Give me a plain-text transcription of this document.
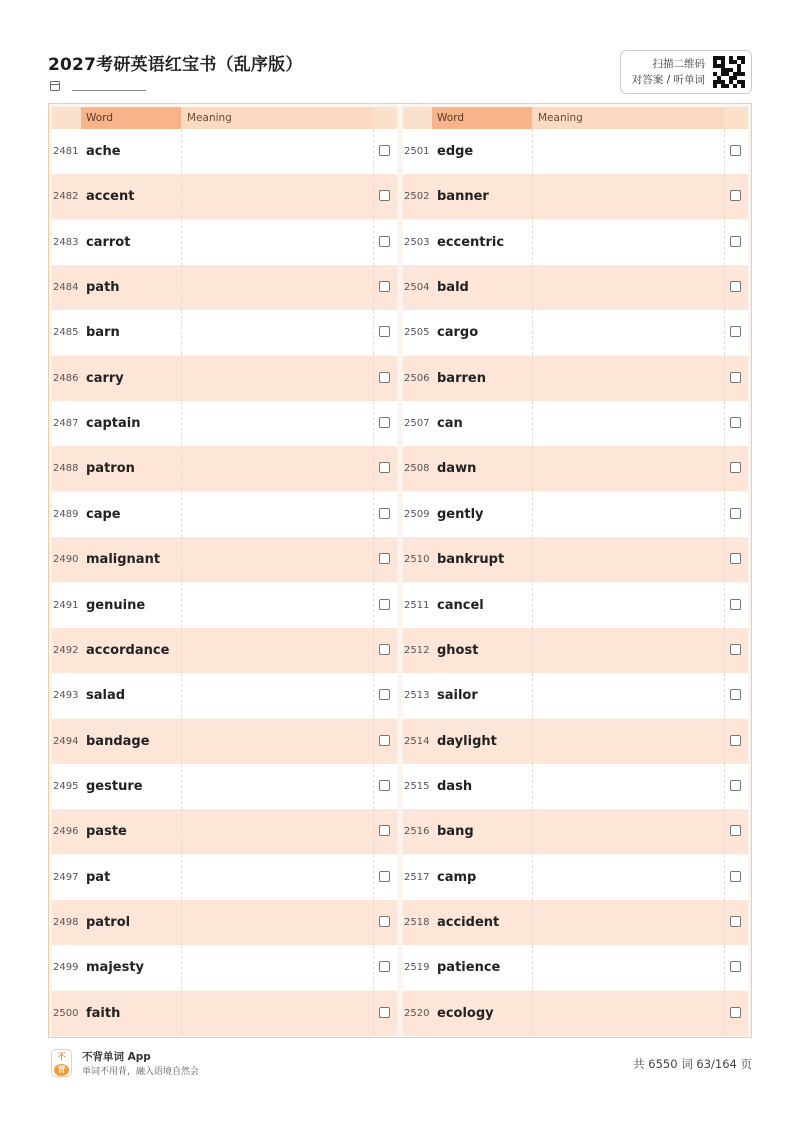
2027考研英语红宝书（乱序版）	扫描二维码
对答案 / 听单词
Word	Meaning
2481 ache
2482 accent
2483 carrot
2484 path
2485 barn
2486 carry
2487 captain
2488 patron
2489 cape
2490 malignant
2491 genuine
2492 accordance
2493 salad
2494 bandage
2495 gesture
2496 paste
2497 pat
2498 patrol
2499 majesty
2500 faith
Word	Meaning
2501 edge
2502 banner
2503 eccentric
2504 bald
2505 cargo
2506 barren
2507 can
2508 dawn
2509 gently
2510 bankrupt
2511 cancel
2512 ghost
2513 sailor
2514 daylight
2515 dash
2516 bang
2517 camp
2518 accident
2519 patience
2520 ecology
不
背
不背单词 App
单词不用背，融入语境自然会
共 6550 词 63/164 页
